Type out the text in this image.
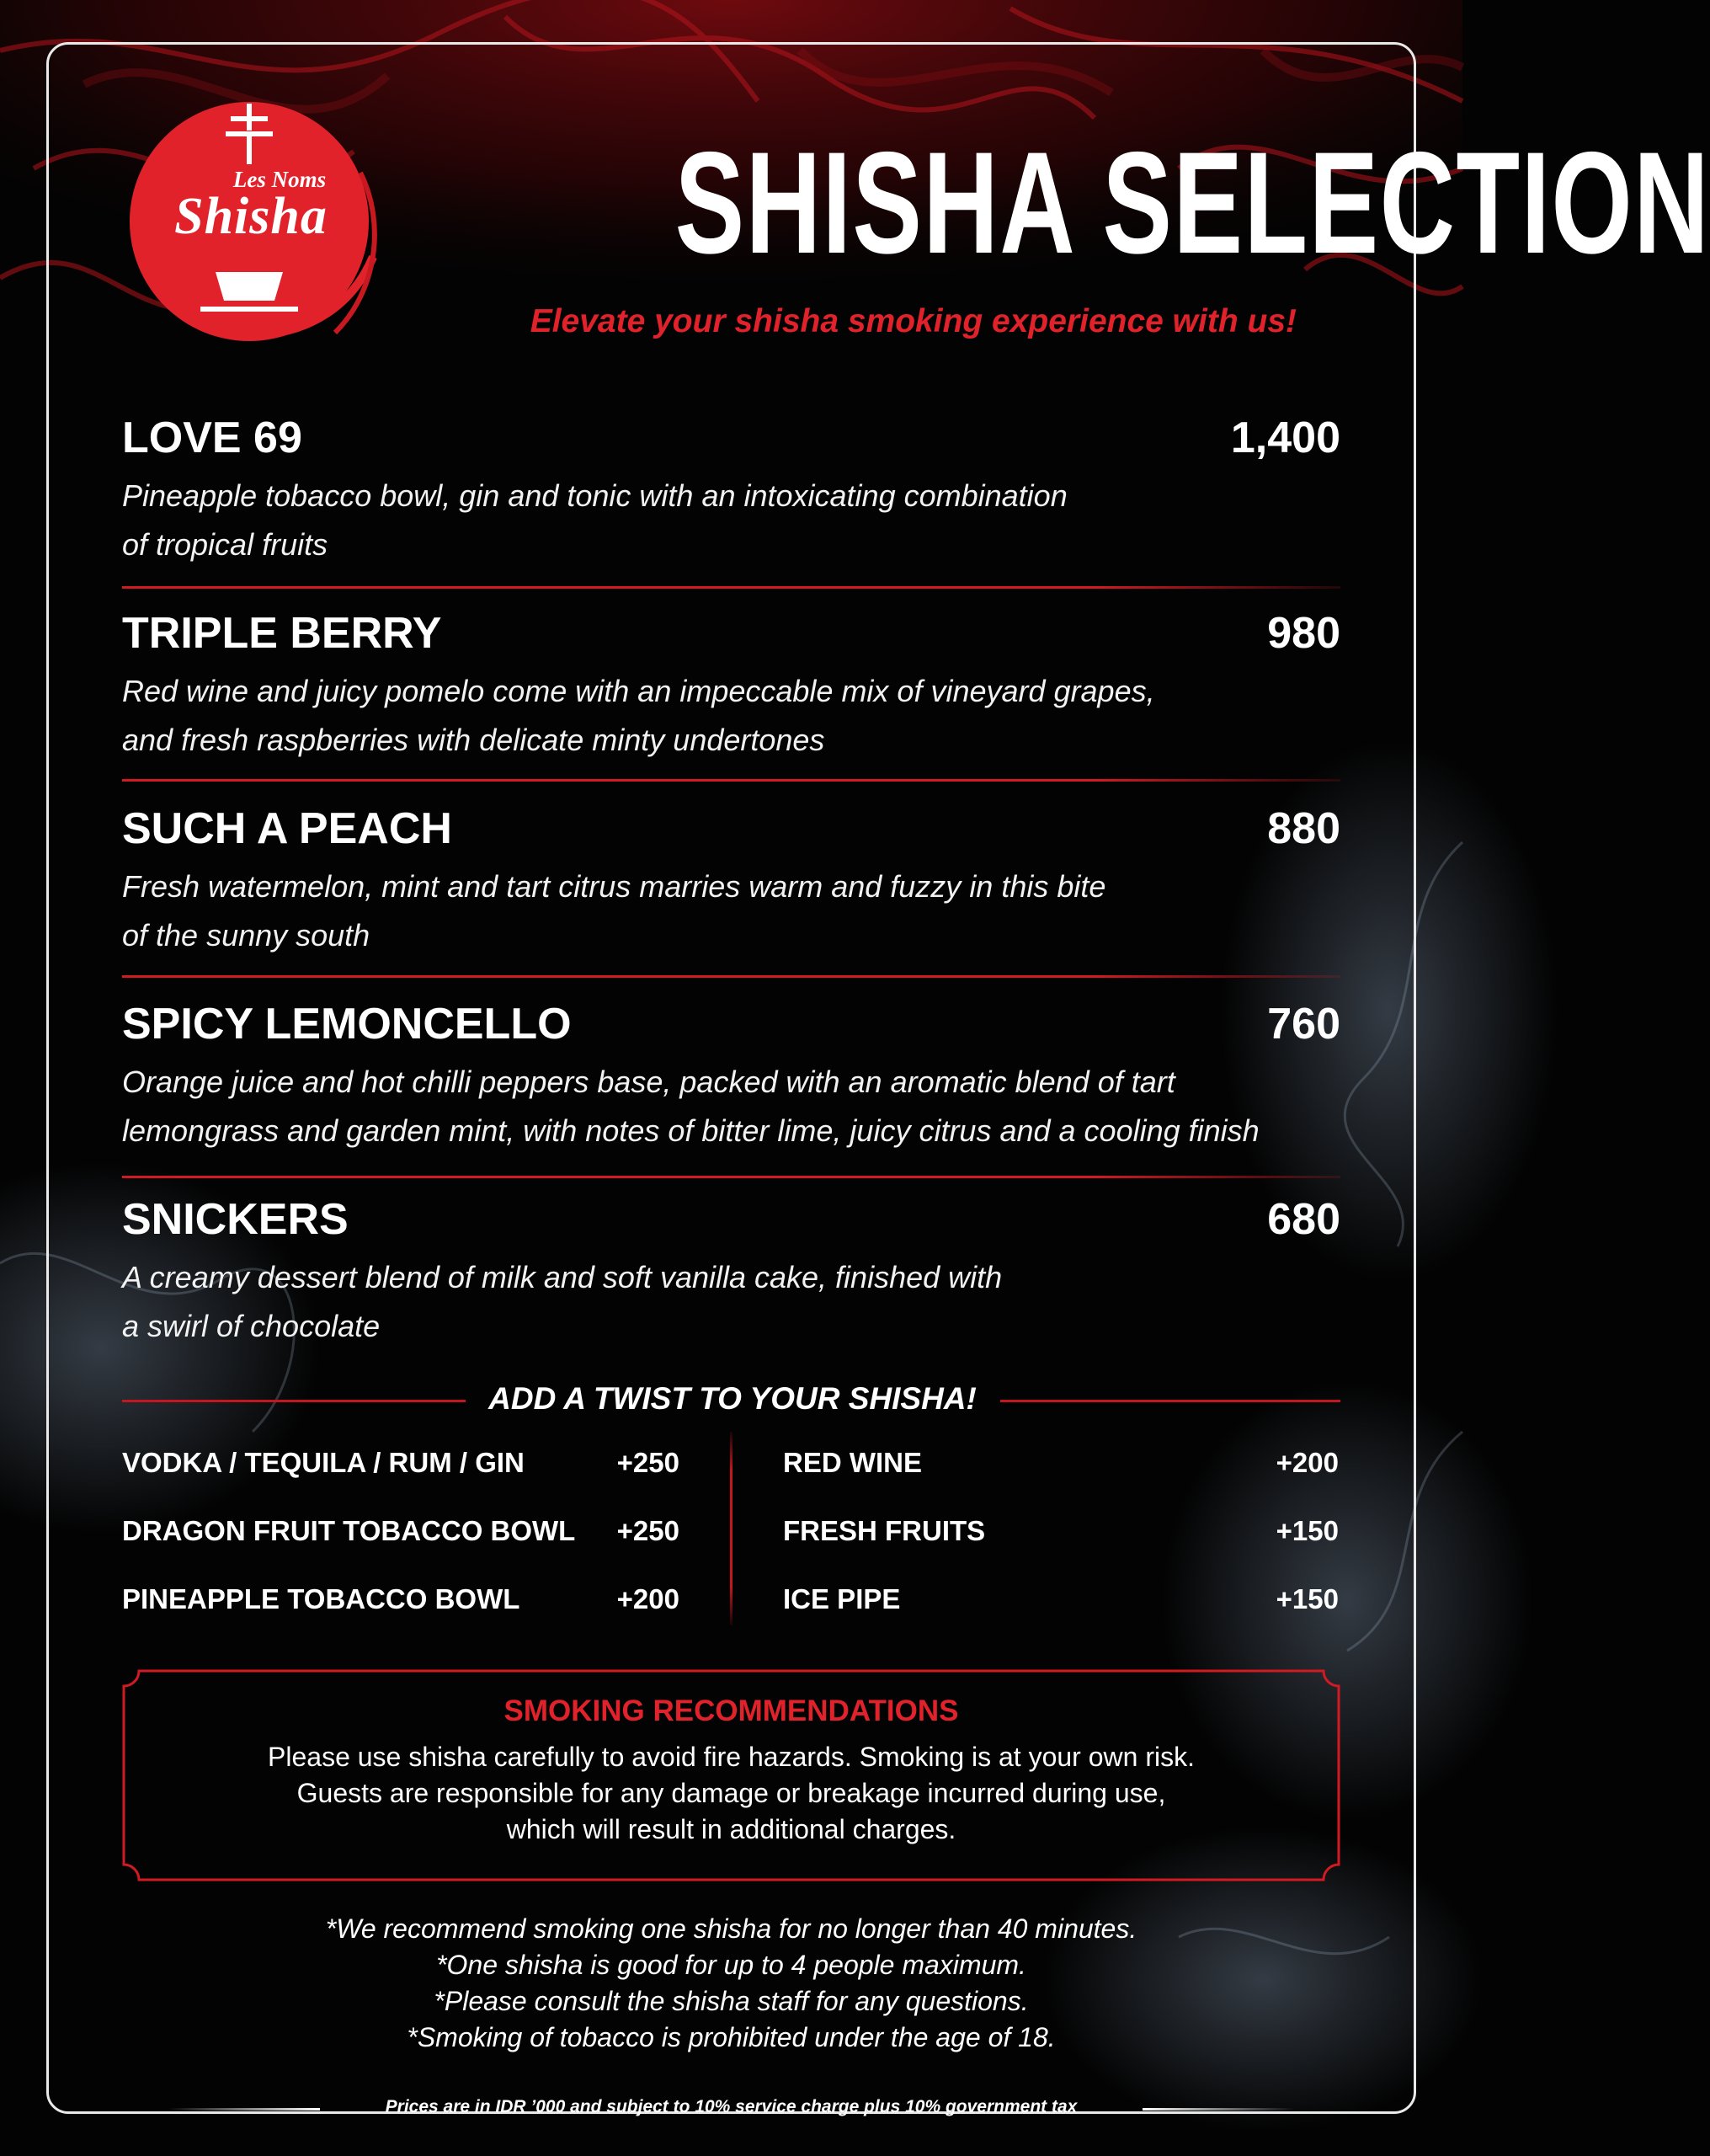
Les Noms
Shisha SHISHA SELECTION
Elevate your shisha smoking experience with us!
LOVE 69	1,400
Pineapple tobacco bowl, gin and tonic with an intoxicating combination
of tropical fruits
TRIPLE BERRY	980
Red wine and juicy pomelo come with an impeccable mix of vineyard grapes,
and fresh raspberries with delicate minty undertones
SUCH A PEACH	880
Fresh watermelon, mint and tart citrus marries warm and fuzzy in this bite
of the sunny south
SPICY LEMONCELLO	760
Orange juice and hot chilli peppers base, packed with an aromatic blend of tart
lemongrass and garden mint, with notes of bitter lime, juicy citrus and a cooling finish
SNICKERS	680
A creamy dessert blend of milk and soft vanilla cake, finished with
a swirl of chocolate
ADD A TWIST TO YOUR SHISHA!
VODKA / TEQUILA / RUM / GIN	+250
DRAGON FRUIT TOBACCO BOWL	+250
PINEAPPLE TOBACCO BOWL	+200
RED WINE	+200
FRESH FRUITS	+150
ICE PIPE	+150
SMOKING RECOMMENDATIONS
Please use shisha carefully to avoid fire hazards. Smoking is at your own risk.
Guests are responsible for any damage or breakage incurred during use,
which will result in additional charges.
*We recommend smoking one shisha for no longer than 40 minutes.
*One shisha is good for up to 4 people maximum.
*Please consult the shisha staff for any questions.
*Smoking of tobacco is prohibited under the age of 18.
Prices are in IDR ’000 and subject to 10% service charge plus 10% government tax
